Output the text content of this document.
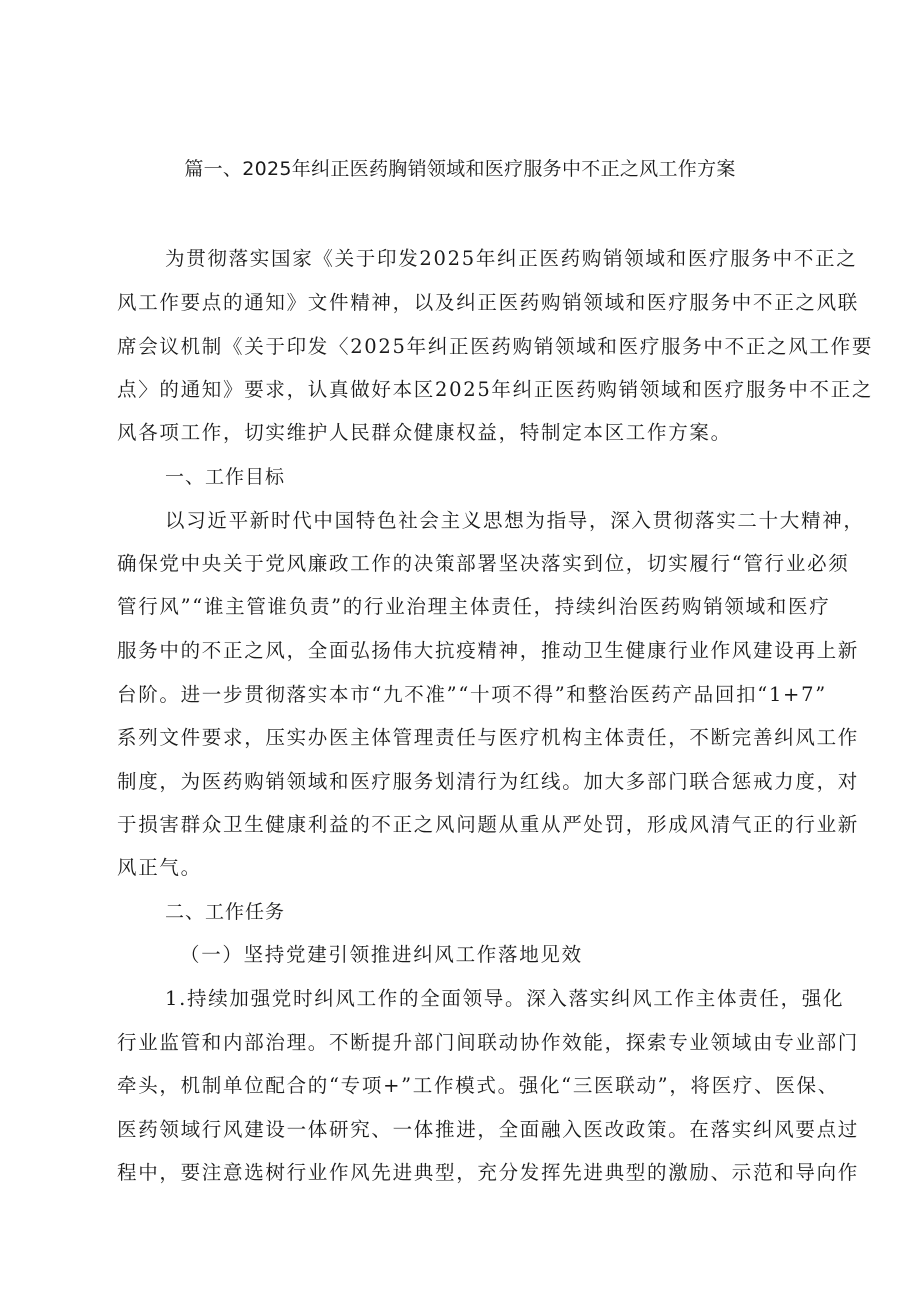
篇一、2025年纠正医药胸销领域和医疗服务中不正之风工作方案
为贯彻落实国家《关于印发2025年纠正医药购销领域和医疗服务中不正之
风工作要点的通知》文件精神，以及纠正医药购销领域和医疗服务中不正之风联
席会议机制《关于印发〈2025年纠正医药购销领域和医疗服务中不正之风工作要
点〉的通知》要求，认真做好本区2025年纠正医药购销领域和医疗服务中不正之
风各项工作，切实维护人民群众健康权益，特制定本区工作方案。
一、工作目标
以习近平新时代中国特色社会主义思想为指导，深入贯彻落实二十大精神，
确保党中央关于党风廉政工作的决策部署坚决落实到位，切实履行“管行业必须
管行风”“谁主管谁负责”的行业治理主体责任，持续纠治医药购销领域和医疗
服务中的不正之风，全面弘扬伟大抗疫精神，推动卫生健康行业作风建设再上新
台阶。进一步贯彻落实本市“九不准”“十项不得”和整治医药产品回扣“1+7”
系列文件要求，压实办医主体管理责任与医疗机构主体责任，不断完善纠风工作
制度，为医药购销领域和医疗服务划清行为红线。加大多部门联合惩戒力度，对
于损害群众卫生健康利益的不正之风问题从重从严处罚，形成风清气正的行业新
风正气。
二、工作任务
（一）坚持党建引领推进纠风工作落地见效
1.持续加强党时纠风工作的全面领导。深入落实纠风工作主体责任，强化
行业监管和内部治理。不断提升部门间联动协作效能，探索专业领域由专业部门
牵头，机制单位配合的“专项+”工作模式。强化“三医联动”，将医疗、医保、
医药领域行风建设一体研究、一体推进，全面融入医改政策。在落实纠风要点过
程中，要注意选树行业作风先进典型，充分发挥先进典型的激励、示范和导向作
